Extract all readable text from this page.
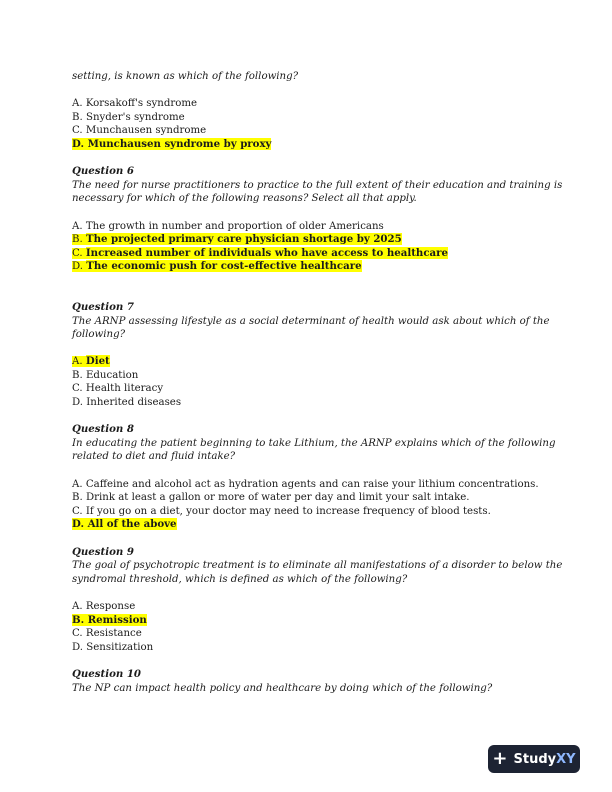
setting, is known as which of the following?
A. Korsakoff's syndrome
B. Snyder's syndrome
C. Munchausen syndrome
D. Munchausen syndrome by proxy
Question 6
The need for nurse practitioners to practice to the full extent of their education and training is
necessary for which of the following reasons? Select all that apply.
A. The growth in number and proportion of older Americans
B. The projected primary care physician shortage by 2025
C. Increased number of individuals who have access to healthcare
D. The economic push for cost-effective healthcare
Question 7
The ARNP assessing lifestyle as a social determinant of health would ask about which of the
following?
A. Diet
B. Education
C. Health literacy
D. Inherited diseases
Question 8
In educating the patient beginning to take Lithium, the ARNP explains which of the following
related to diet and fluid intake?
A. Caffeine and alcohol act as hydration agents and can raise your lithium concentrations.
B. Drink at least a gallon or more of water per day and limit your salt intake.
C. If you go on a diet, your doctor may need to increase frequency of blood tests.
D. All of the above
Question 9
The goal of psychotropic treatment is to eliminate all manifestations of a disorder to below the
syndromal threshold, which is defined as which of the following?
A. Response
B. Remission
C. Resistance
D. Sensitization
Question 10
The NP can impact health policy and healthcare by doing which of the following?
+ Study XY
